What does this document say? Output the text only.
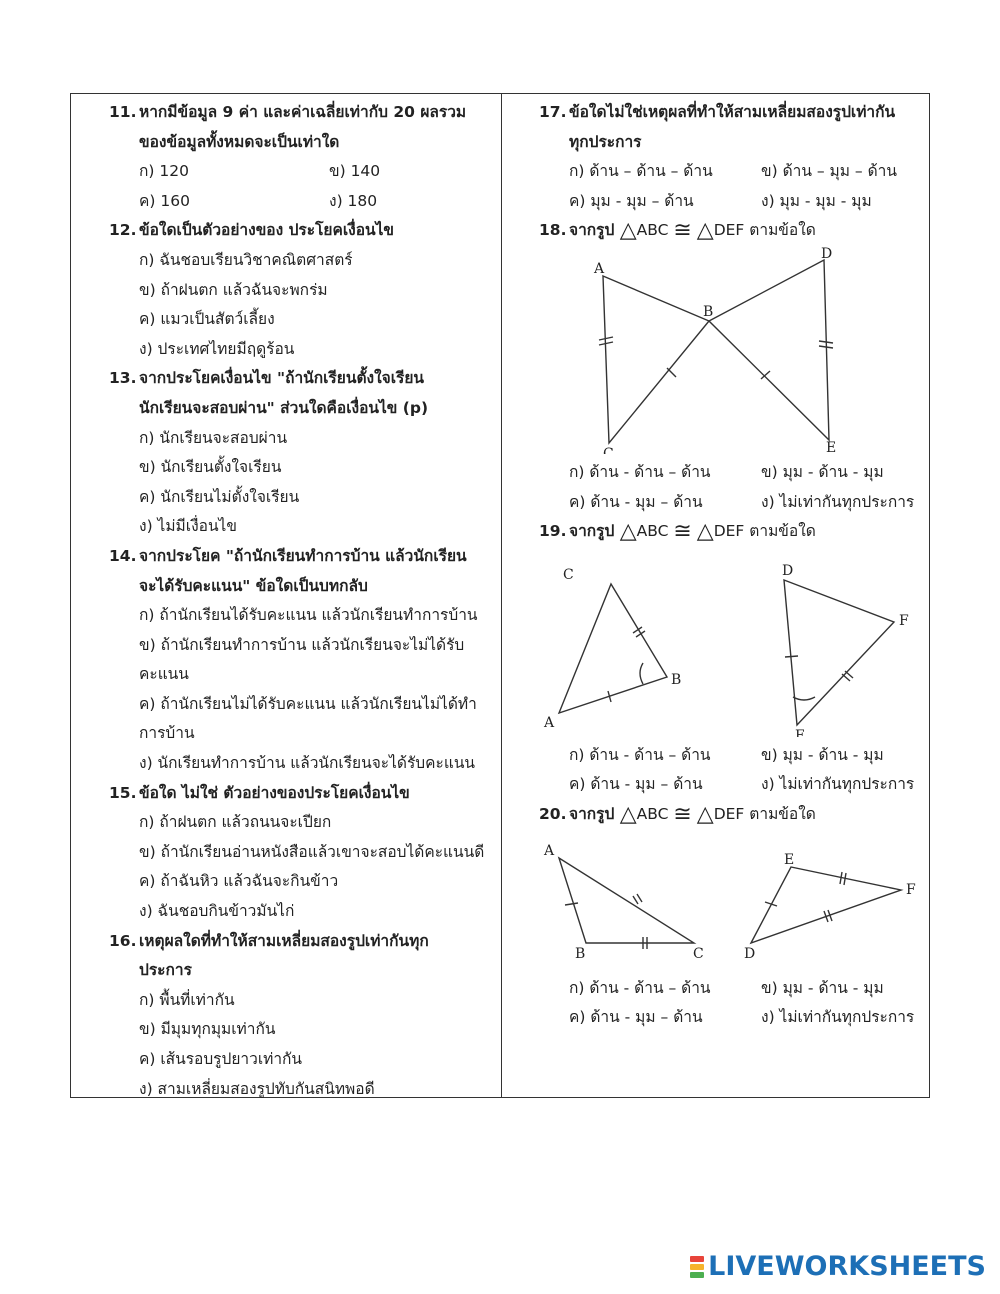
11. หากมีข้อมูล 9 ค่า และค่าเฉลี่ยเท่ากับ 20 ผลรวม
ของข้อมูลทั้งหมดจะเป็นเท่าใด
ก) 120	ข) 140
ค) 160	ง) 180
12. ข้อใดเป็นตัวอย่างของ ประโยคเงื่อนไข
ก) ฉันชอบเรียนวิชาคณิตศาสตร์
ข) ถ้าฝนตก แล้วฉันจะพกร่ม
ค) แมวเป็นสัตว์เลี้ยง
ง) ประเทศไทยมีฤดูร้อน
13. จากประโยคเงื่อนไข "ถ้านักเรียนตั้งใจเรียน
นักเรียนจะสอบผ่าน" ส่วนใดคือเงื่อนไข (p)
ก) นักเรียนจะสอบผ่าน
ข) นักเรียนตั้งใจเรียน
ค) นักเรียนไม่ตั้งใจเรียน
ง) ไม่มีเงื่อนไข
14. จากประโยค "ถ้านักเรียนทำการบ้าน แล้วนักเรียน
จะได้รับคะแนน" ข้อใดเป็นบทกลับ
ก) ถ้านักเรียนได้รับคะแนน แล้วนักเรียนทำการบ้าน
ข) ถ้านักเรียนทำการบ้าน แล้วนักเรียนจะไม่ได้รับ
คะแนน
ค) ถ้านักเรียนไม่ได้รับคะแนน แล้วนักเรียนไม่ได้ทำ
การบ้าน
ง) นักเรียนทำการบ้าน แล้วนักเรียนจะได้รับคะแนน
15. ข้อใด ไม่ใช่ ตัวอย่างของประโยคเงื่อนไข
ก) ถ้าฝนตก แล้วถนนจะเปียก
ข) ถ้านักเรียนอ่านหนังสือแล้วเขาจะสอบได้คะแนนดี
ค) ถ้าฉันหิว แล้วฉันจะกินข้าว
ง) ฉันชอบกินข้าวมันไก่
16. เหตุผลใดที่ทำให้สามเหลี่ยมสองรูปเท่ากันทุก
ประการ
ก) พื้นที่เท่ากัน
ข) มีมุมทุกมุมเท่ากัน
ค) เส้นรอบรูปยาวเท่ากัน
ง) สามเหลี่ยมสองรูปทับกันสนิทพอดี
17. ข้อใดไม่ใช่เหตุผลที่ทำให้สามเหลี่ยมสองรูปเท่ากัน
ทุกประการ
ก) ด้าน – ด้าน – ด้าน	ข) ด้าน – มุม – ด้าน
ค) มุม - มุม – ด้าน	ง) มุม - มุม - มุม
18. จากรูป △ABC ≅ △DEF ตามข้อใด
A
B
C
D
E
ก) ด้าน - ด้าน – ด้าน	ข) มุม - ด้าน - มุม
ค) ด้าน - มุม – ด้าน	ง) ไม่เท่ากันทุกประการ
19. จากรูป △ABC ≅ △DEF ตามข้อใด
C
A
B
D
F
E
ก) ด้าน - ด้าน – ด้าน	ข) มุม - ด้าน - มุม
ค) ด้าน - มุม – ด้าน	ง) ไม่เท่ากันทุกประการ
20. จากรูป △ABC ≅ △DEF ตามข้อใด
A
B	C
E
F
D
ก) ด้าน - ด้าน – ด้าน	ข) มุม - ด้าน - มุม
ค) ด้าน - มุม – ด้าน	ง) ไม่เท่ากันทุกประการ
LIVEWORKSHEETS
